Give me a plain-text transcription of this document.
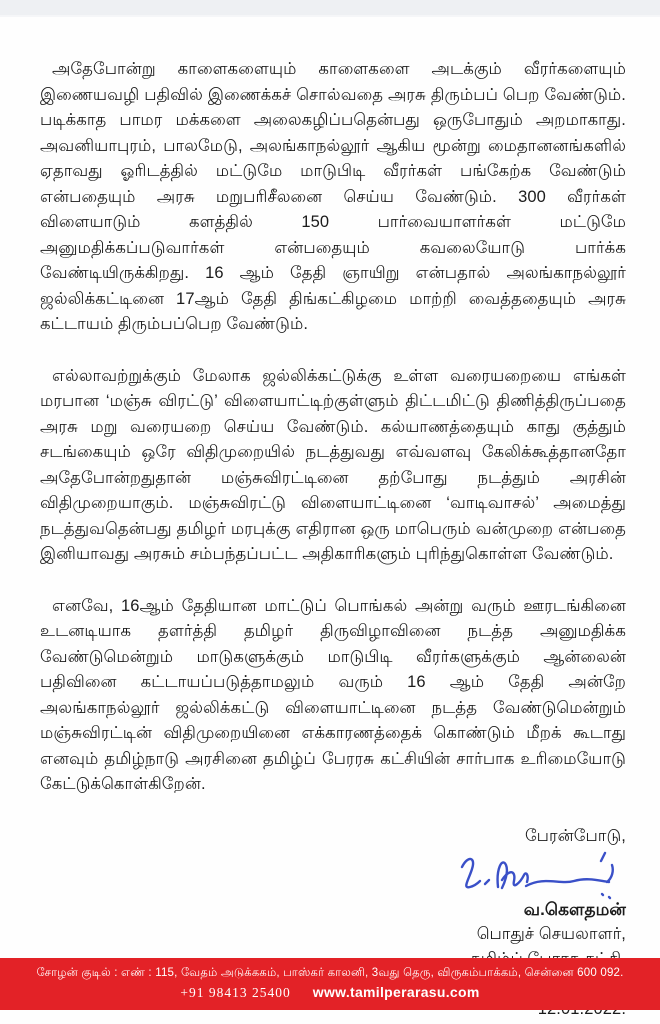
அதேபோன்று காளைகளையும் காளைகளை அடக்கும் வீரர்களையும் இணையவழி பதிவில் இணைக்கச் சொல்வதை அரசு திரும்பப் பெற வேண்டும். படிக்காத பாமர மக்களை அலைகழிப்பதென்பது ஒருபோதும் அறமாகாது. அவனியாபுரம், பாலமேடு, அலங்காநல்லூர் ஆகிய மூன்று மைதானனங்களில் ஏதாவது ஓரிடத்தில் மட்டுமே மாடுபிடி வீரர்கள் பங்கேற்க வேண்டும் என்பதையும் அரசு மறுபரிசீலனை செய்ய வேண்டும். 300 வீரர்கள் விளையாடும் களத்தில் 150 பார்வையாளர்கள் மட்டுமே அனுமதிக்கப்படுவார்கள் என்பதையும் கவலையோடு பார்க்க வேண்டியிருக்கிறது. 16 ஆம் தேதி ஞாயிறு என்பதால் அலங்காநல்லூர் ஜல்லிக்கட்டினை 17ஆம் தேதி திங்கட்கிழமை மாற்றி வைத்ததையும் அரசு கட்டாயம் திரும்பப்பெற வேண்டும்.

எல்லாவற்றுக்கும் மேலாக ஜல்லிக்கட்டுக்கு உள்ள வரையறையை எங்கள் மரபான ‘மஞ்சு விரட்டு’ விளையாட்டிற்குள்ளும் திட்டமிட்டு திணித்திருப்பதை அரசு மறு வரையறை செய்ய வேண்டும். கல்யாணத்தையும் காது குத்தும் சடங்கையும் ஒரே விதிமுறையில் நடத்துவது எவ்வளவு கேலிக்கூத்தானதோ அதேபோன்றதுதான் மஞ்சுவிரட்டினை தற்போது நடத்தும் அரசின் விதிமுறையாகும். மஞ்சுவிரட்டு விளையாட்டினை ‘வாடிவாசல்’ அமைத்து நடத்துவதென்பது தமிழர் மரபுக்கு எதிரான ஒரு மாபெரும் வன்முறை என்பதை இனியாவது அரசும் சம்பந்தப்பட்ட அதிகாரிகளும் புரிந்துகொள்ள வேண்டும்.

எனவே, 16ஆம் தேதியான மாட்டுப் பொங்கல் அன்று வரும் ஊரடங்கினை உடனடியாக தளர்த்தி தமிழர் திருவிழாவினை நடத்த அனுமதிக்க வேண்டுமென்றும் மாடுகளுக்கும் மாடுபிடி வீரர்களுக்கும் ஆன்லைன் பதிவினை கட்டாயப்படுத்தாமலும் வரும் 16 ஆம் தேதி அன்றே அலங்காநல்லூர் ஜல்லிக்கட்டு விளையாட்டினை நடத்த வேண்டுமென்றும் மஞ்சுவிரட்டின் விதிமுறையினை எக்காரணத்தைக் கொண்டும் மீறக் கூடாது எனவும் தமிழ்நாடு அரசினை தமிழ்ப் பேரரசு கட்சியின் சார்பாக உரிமையோடு கேட்டுக்கொள்கிறேன்.

பேரன்போடு,
வ.கௌதமன்
பொதுச் செயலாளர்,
சோழன் குடில் : எண் : 115, வேதம் அடுக்ககம், பாஸ்கர் காலனி, 3வது தெரு, விருகம்பாக்கம், சென்னை 600 092.
+91 98413 25400 www.tamilperarasu.com
